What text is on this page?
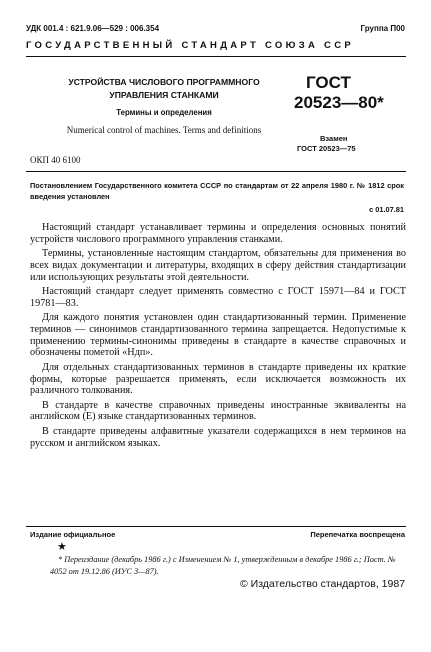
УДК 001.4 : 621.9.06—529 : 006.354	Группа П00
ГОСУДАРСТВЕННЫЙ СТАНДАРТ СОЮЗА ССР
УСТРОЙСТВА ЧИСЛОВОГО ПРОГРАММНОГО УПРАВЛЕНИЯ СТАНКАМИ
Термины и определения
Numerical control of machines. Terms and definitions
ГОСТ
20523—80*
Взамен
ГОСТ 20523—75
ОКП 40 6100
Постановлением Государственного комитета СССР по стандартам от 22 апреля 1980 г. № 1812 срок введения установлен
с 01.07.81

Настоящий стандарт устанавливает термины и определения основных понятий устройств числового программного управления станками.

Термины, установленные настоящим стандартом, обязательны для применения во всех видах документации и литературы, входящих в сферу действия стандартизации или использующих результаты этой деятельности.

Настоящий стандарт следует применять совместно с ГОСТ 15971—84 и ГОСТ 19781—83.

Для каждого понятия установлен один стандартизованный термин. Применение терминов — синонимов стандартизованного термина запрещается. Недопустимые к применению термины-синонимы приведены в стандарте в качестве справочных и обозначены пометой «Ндп».

Для отдельных стандартизованных терминов в стандарте приведены их краткие формы, которые разрешается применять, если исключается возможность их различного толкования.

В стандарте в качестве справочных приведены иностранные эквиваленты на английском (Е) языке стандартизованных терминов.

В стандарте приведены алфавитные указатели содержащихся в нем терминов на русском и английском языках.

Издание официальное	Перепечатка воспрещена
★
* Переиздание (декабрь 1986 г.) с Изменением № 1, утвержденным в декабре 1986 г.; Пост. № 4052 от 19.12.86 (ИУС 3—87).
© Издательство стандартов, 1987
